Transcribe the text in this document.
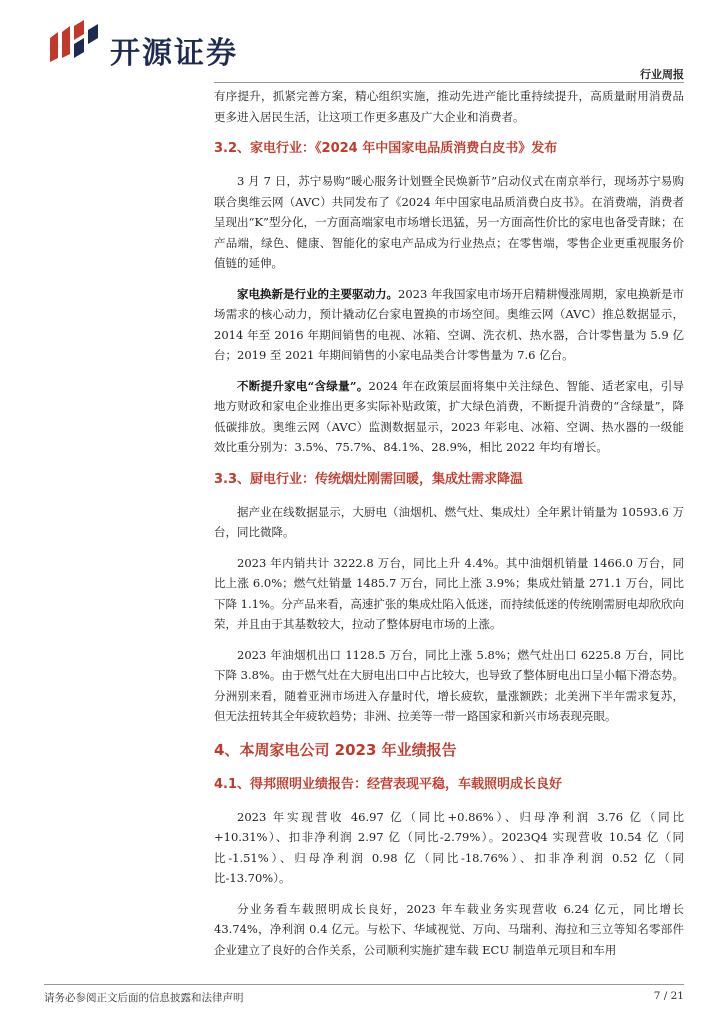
开源证券
行业周报

有序提升，抓紧完善方案，精心组织实施，推动先进产能比重持续提升，高质量耐用消费品更多进入居民生活，让这项工作更多惠及广大企业和消费者。

3.2、家电行业：《2024 年中国家电品质消费白皮书》发布

3 月 7 日，苏宁易购“暖心服务计划暨全民焕新节”启动仪式在南京举行，现场苏宁易购联合奥维云网（AVC）共同发布了《2024 年中国家电品质消费白皮书》。在消费端，消费者呈现出“K”型分化，一方面高端家电市场增长迅猛，另一方面高性价比的家电也备受青睐；在产品端，绿色、健康、智能化的家电产品成为行业热点；在零售端，零售企业更重视服务价值链的延伸。

家电换新是行业的主要驱动力。2023 年我国家电市场开启精耕慢涨周期，家电换新是市场需求的核心动力，预计撬动亿台家电置换的市场空间。奥维云网（AVC）推总数据显示，2014 年至 2016 年期间销售的电视、冰箱、空调、洗衣机、热水器，合计零售量为 5.9 亿台；2019 至 2021 年期间销售的小家电品类合计零售量为 7.6 亿台。

不断提升家电“含绿量”。2024 年在政策层面将集中关注绿色、智能、适老家电，引导地方财政和家电企业推出更多实际补贴政策，扩大绿色消费，不断提升消费的“含绿量”，降低碳排放。奥维云网（AVC）监测数据显示，2023 年彩电、冰箱、空调、热水器的一级能效比重分别为：3.5%、75.7%、84.1%、28.9%，相比 2022 年均有增长。

3.3、厨电行业：传统烟灶刚需回暖，集成灶需求降温

据产业在线数据显示，大厨电（油烟机、燃气灶、集成灶）全年累计销量为 10593.6 万台，同比微降。

2023 年内销共计 3222.8 万台，同比上升 4.4%。其中油烟机销量 1466.0 万台，同比上涨 6.0%；燃气灶销量 1485.7 万台，同比上涨 3.9%；集成灶销量 271.1 万台，同比下降 1.1%。分产品来看，高速扩张的集成灶陷入低迷，而持续低迷的传统刚需厨电却欣欣向荣，并且由于其基数较大，拉动了整体厨电市场的上涨。

2023 年油烟机出口 1128.5 万台，同比上涨 5.8%；燃气灶出口 6225.8 万台，同比下降 3.8%。由于燃气灶在大厨电出口中占比较大，也导致了整体厨电出口呈小幅下滑态势。分洲别来看，随着亚洲市场进入存量时代，增长疲软，量涨额跌；北美洲下半年需求复苏，但无法扭转其全年疲软趋势；非洲、拉美等一带一路国家和新兴市场表现亮眼。

4、本周家电公司 2023 年业绩报告
4.1、得邦照明业绩报告：经营表现平稳，车载照明成长良好

2023 年实现营收 46.97 亿（同比+0.86%）、归母净利润 3.76 亿（同比+10.31%）、扣非净利润 2.97 亿（同比-2.79%）。2023Q4 实现营收 10.54 亿（同比-1.51%）、归母净利润 0.98 亿（同比-18.76%）、扣非净利润 0.52 亿（同比-13.70%）。

分业务看车载照明成长良好，2023 年车载业务实现营收 6.24 亿元，同比增长 43.74%，净利润 0.4 亿元。与松下、华域视觉、万向、马瑞利、海拉和三立等知名零部件企业建立了良好的合作关系，公司顺利实施扩建车载 ECU 制造单元项目和车用

请务必参阅正文后面的信息披露和法律声明	7 / 21
